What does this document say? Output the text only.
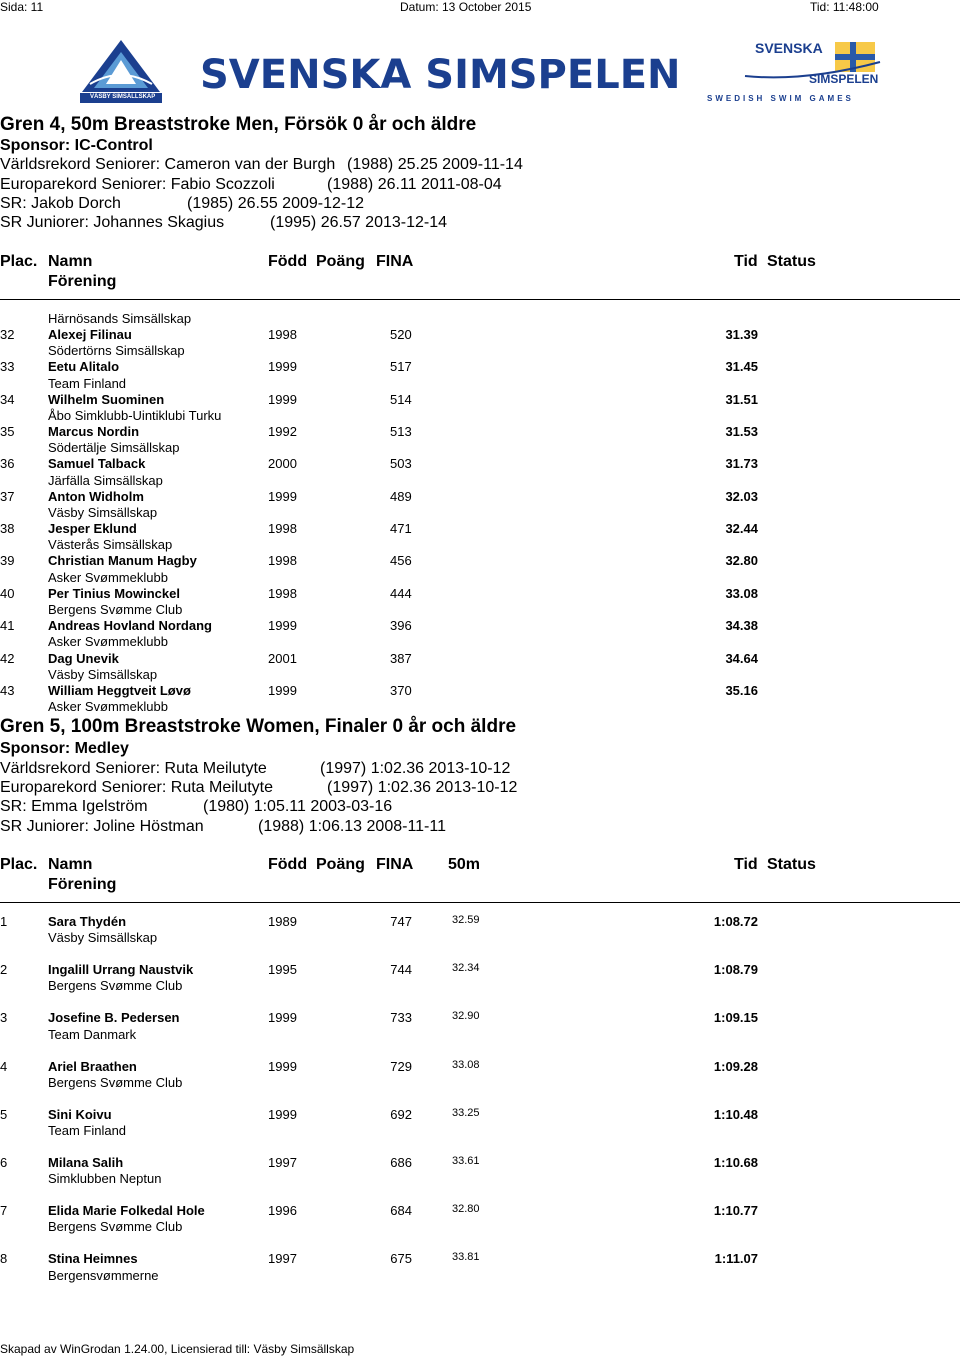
Sida: 11	Datum: 13 October 2015	Tid: 11:48:00
VÄSBY SIMSÄLLSKAP SVENSKA SIMSPELEN
SVENSKA
SIMSPELEN
SWEDISH SWIM GAMES
Gren 4, 50m Breaststroke Men, Försök 0 år och äldre
Sponsor: IC-Control
Världsrekord Seniorer: Cameron van der Burgh (1988) 25.25 2009-11-14
Europarekord Seniorer: Fabio Scozzoli	(1988) 26.11 2011-08-04
SR: Jakob Dorch	(1985) 26.55 2009-12-12
SR Juniorer: Johannes Skagius	(1995) 26.57 2013-12-14
Plac. Namn
Förening
Född Poäng FINA	Tid Status
Härnösands Simsällskap
32	Alexej Filinau	1998	520	31.39
Södertörns Simsällskap
33	Eetu Alitalo	1999	517	31.45
Team Finland
34	Wilhelm Suominen	1999	514	31.51
Åbo Simklubb-Uintiklubi Turku
35	Marcus Nordin	1992	513	31.53
Södertälje Simsällskap
36	Samuel Talback	2000	503	31.73
Järfälla Simsällskap
37	Anton Widholm	1999	489	32.03
Väsby Simsällskap
38	Jesper Eklund	1998	471	32.44
Västerås Simsällskap
39	Christian Manum Hagby	1998	456	32.80
Asker Svømmeklubb
40	Per Tinius Mowinckel	1998	444	33.08
Bergens Svømme Club
41	Andreas Hovland Nordang	1999	396	34.38
Asker Svømmeklubb
42	Dag Unevik	2001	387	34.64
Väsby Simsällskap
43	William Heggtveit Løvø	1999	370	35.16
Asker Svømmeklubb
Gren 5, 100m Breaststroke Women, Finaler 0 år och äldre
Sponsor: Medley
Världsrekord Seniorer: Ruta Meilutyte	(1997) 1:02.36 2013-10-12
Europarekord Seniorer: Ruta Meilutyte	(1997) 1:02.36 2013-10-12
SR: Emma Igelström	(1980) 1:05.11 2003-03-16
SR Juniorer: Joline Höstman	(1988) 1:06.13 2008-11-11
Plac. Namn
Förening
Född Poäng FINA 50m	Tid Status
1	Sara Thydén	1989	747	32.59	1:08.72
Väsby Simsällskap
2	Ingalill Urrang Naustvik	1995	744	32.34	1:08.79
Bergens Svømme Club
3	Josefine B. Pedersen	1999	733	32.90	1:09.15
Team Danmark
4	Ariel Braathen	1999	729	33.08	1:09.28
Bergens Svømme Club
5	Sini Koivu	1999	692	33.25	1:10.48
Team Finland
6	Milana Salih	1997	686	33.61	1:10.68
Simklubben Neptun
7	Elida Marie Folkedal Hole	1996	684	32.80	1:10.77
Bergens Svømme Club
8	Stina Heimnes	1997	675	33.81	1:11.07
Bergensvømmerne
Skapad av WinGrodan 1.24.00, Licensierad till: Väsby Simsällskap
